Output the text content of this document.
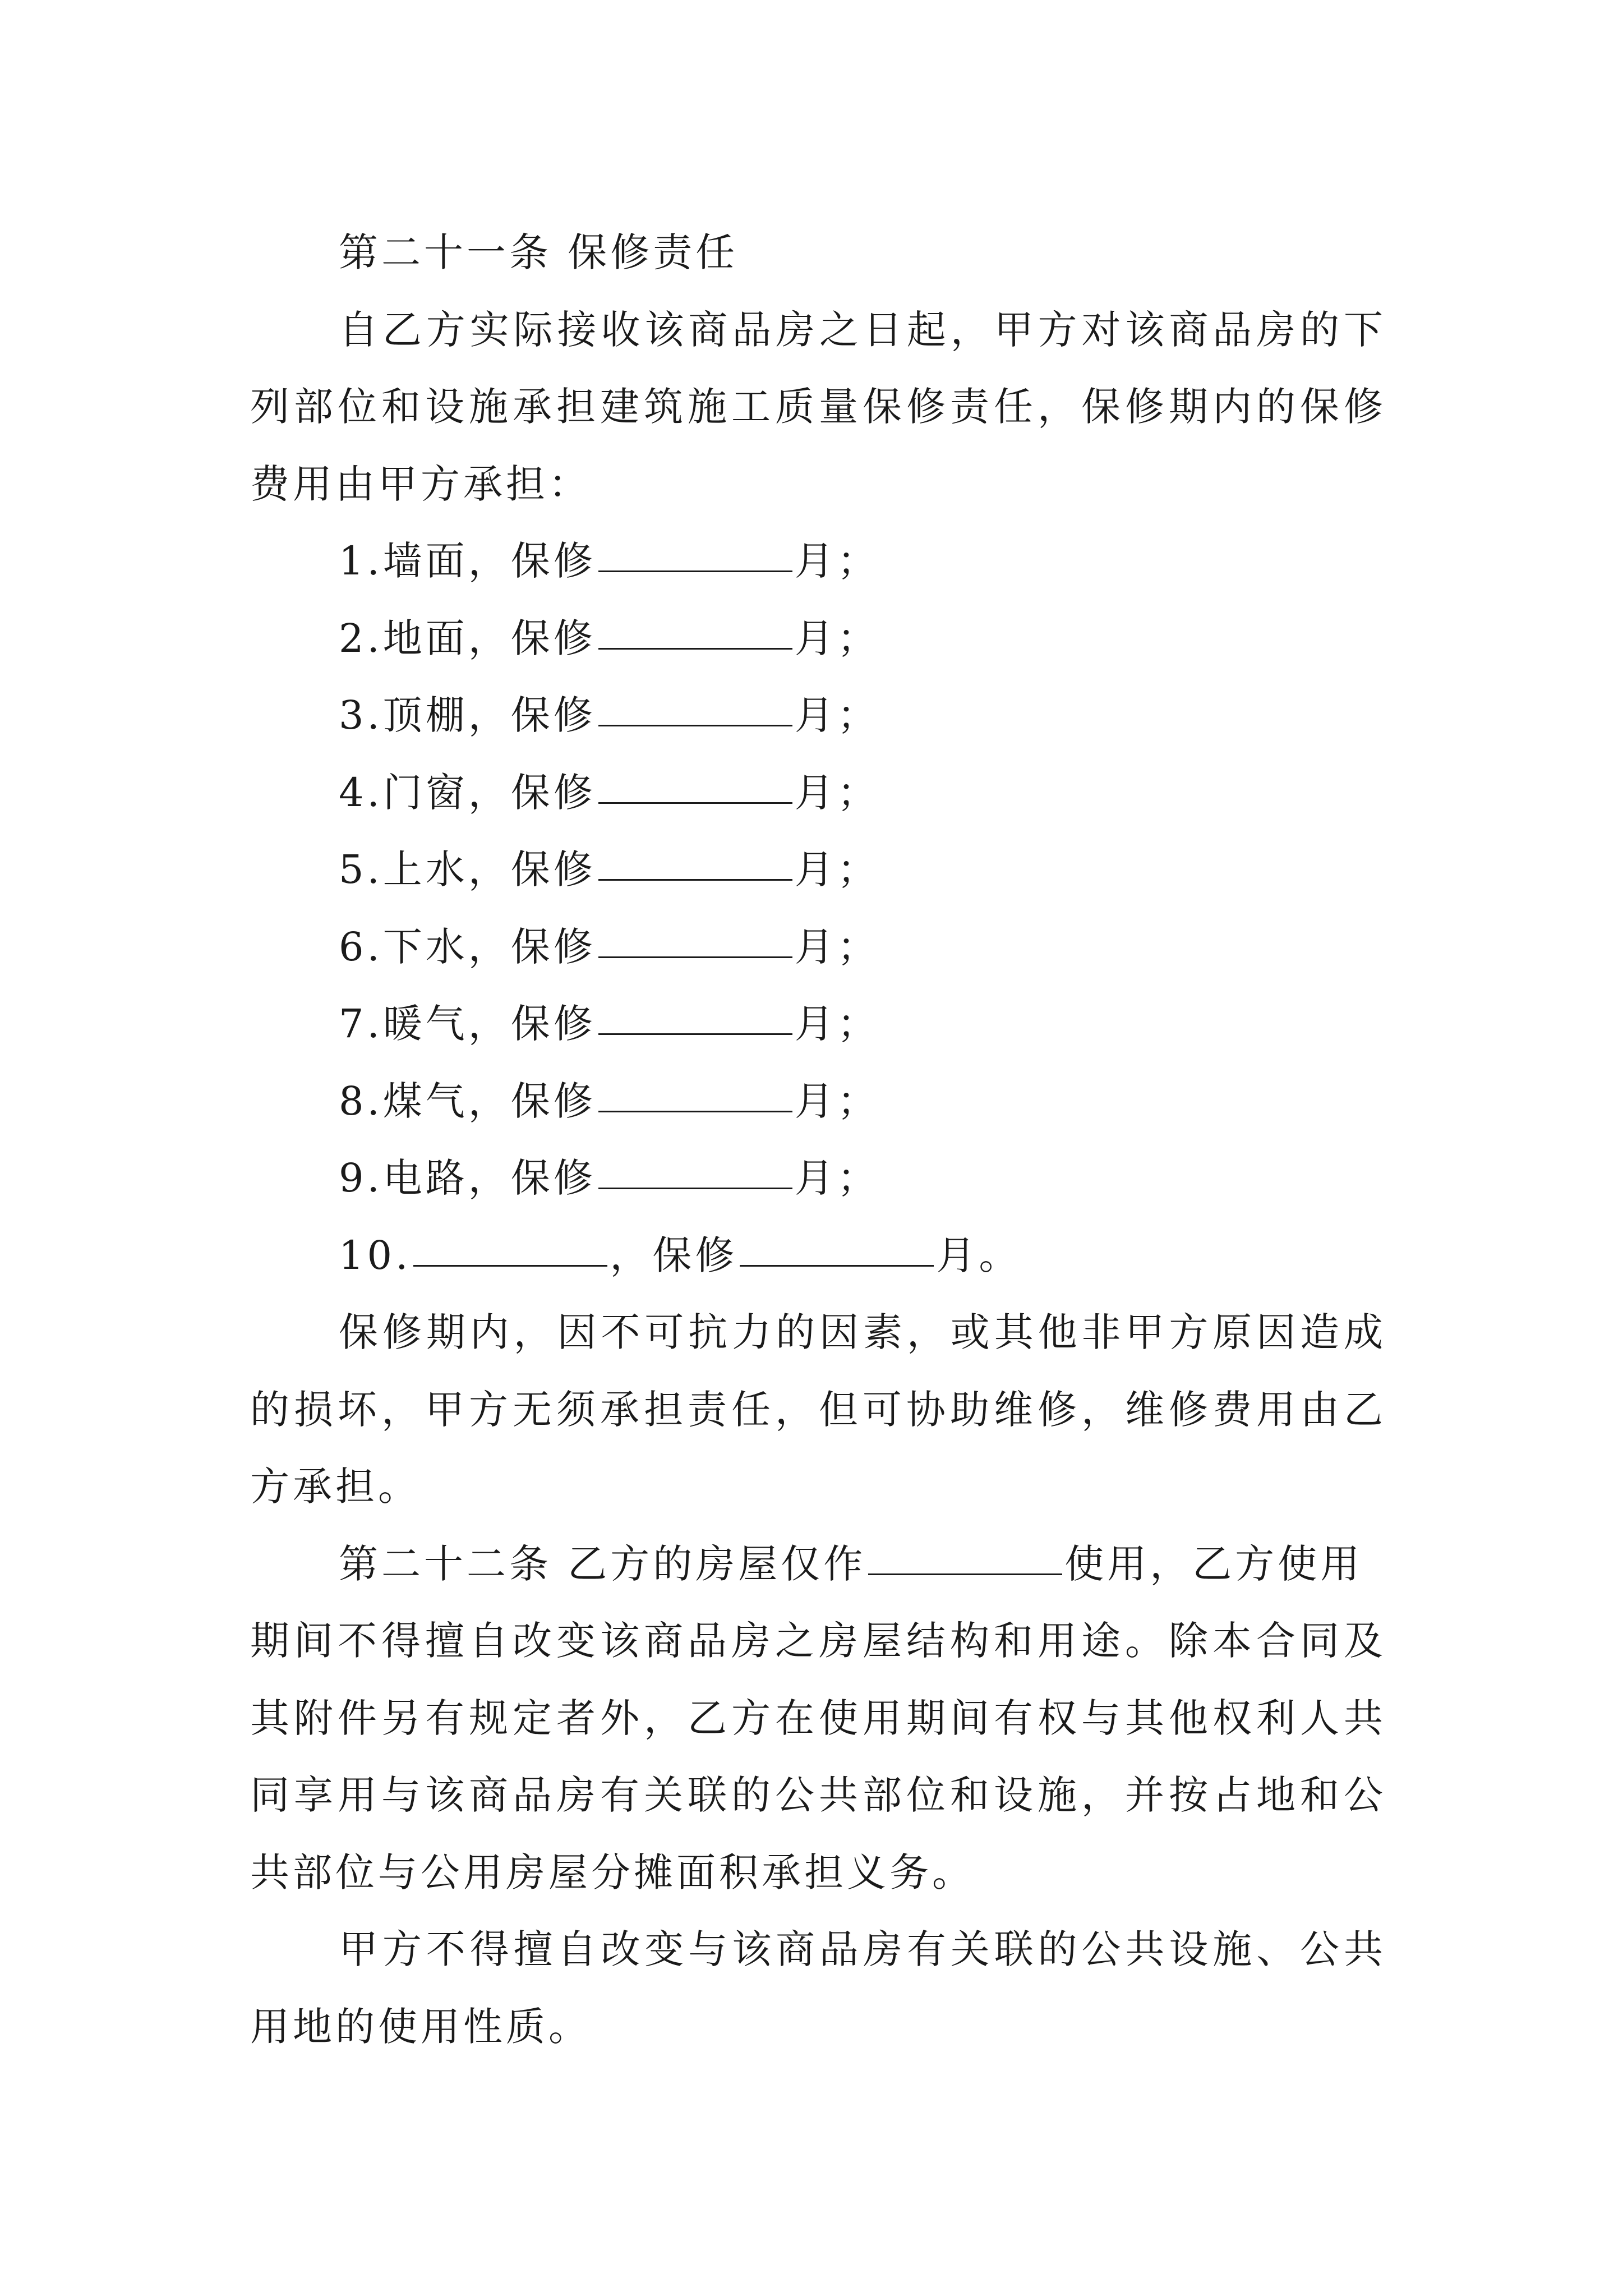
第二十一条 保修责任
自乙方实际接收该商品房之日起，甲方对该商品房的下
列部位和设施承担建筑施工质量保修责任，保修期内的保修
费用由甲方承担：
1.墙面，保修	月；
2.地面，保修	月；
3.顶棚，保修	月；
4.门窗，保修	月；
5.上水，保修	月；
6.下水，保修	月；
7.暖气，保修	月；
8.煤气，保修	月；
9.电路，保修	月；
10.	，保修	月。
保修期内，因不可抗力的因素，或其他非甲方原因造成
的损坏，甲方无须承担责任，但可协助维修，维修费用由乙
方承担。
第二十二条 乙方的房屋仅作	使用，乙方使用
期间不得擅自改变该商品房之房屋结构和用途。除本合同及
其附件另有规定者外，乙方在使用期间有权与其他权利人共
同享用与该商品房有关联的公共部位和设施，并按占地和公
共部位与公用房屋分摊面积承担义务。
甲方不得擅自改变与该商品房有关联的公共设施、公共
用地的使用性质。
